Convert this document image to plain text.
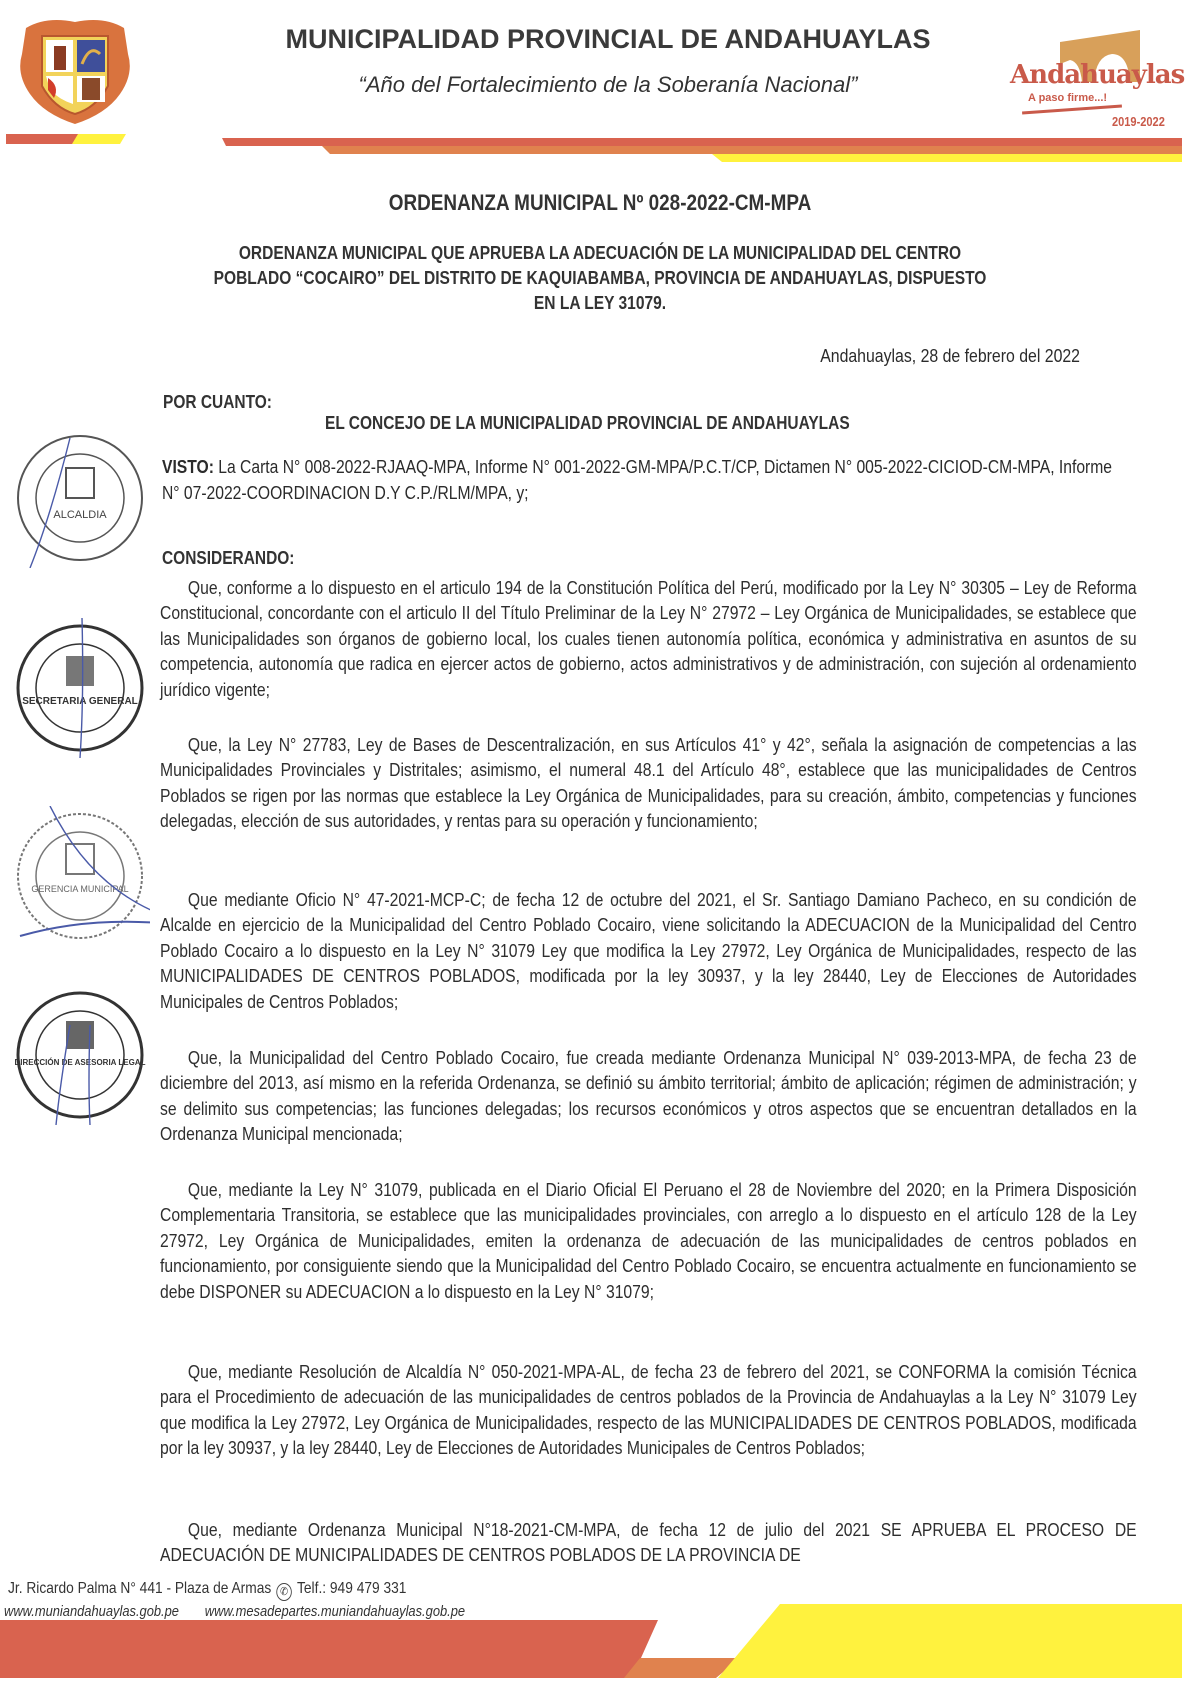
MUNICIPALIDAD PROVINCIAL DE ANDAHUAYLAS
“Año del Fortalecimiento de la Soberanía Nacional”	Andahuaylas
A paso firme...!
2019-2022
ORDENANZA MUNICIPAL Nº 028-2022-CM-MPA
ORDENANZA MUNICIPAL QUE APRUEBA LA ADECUACIÓN DE LA MUNICIPALIDAD DEL CENTRO
POBLADO “COCAIRO” DEL DISTRITO DE KAQUIABAMBA, PROVINCIA DE ANDAHUAYLAS, DISPUESTO
EN LA LEY 31079.
Andahuaylas, 28 de febrero del 2022
POR CUANTO:
EL CONCEJO DE LA MUNICIPALIDAD PROVINCIAL DE ANDAHUAYLAS
VISTO: La Carta N° 008-2022-RJAAQ-MPA, Informe N° 001-2022-GM-MPA/P.C.T/CP, Dictamen N° 005-2022-CICIOD-CM-MPA, Informe N° 07-2022-COORDINACION D.Y C.P./RLM/MPA, y;
CONSIDERANDO:
Que, conforme a lo dispuesto en el articulo 194 de la Constitución Política del Perú, modificado por la Ley N° 30305 – Ley de Reforma Constitucional, concordante con el articulo II del Título Preliminar de la Ley N° 27972 – Ley Orgánica de Municipalidades, se establece que las Municipalidades son órganos de gobierno local, los cuales tienen autonomía política, económica y administrativa en asuntos de su competencia, autonomía que radica en ejercer actos de gobierno, actos administrativos y de administración, con sujeción al ordenamiento jurídico vigente;
Que, la Ley N° 27783, Ley de Bases de Descentralización, en sus Artículos 41° y 42°, señala la asignación de competencias a las Municipalidades Provinciales y Distritales; asimismo, el numeral 48.1 del Artículo 48°, establece que las municipalidades de Centros Poblados se rigen por las normas que establece la Ley Orgánica de Municipalidades, para su creación, ámbito, competencias y funciones delegadas, elección de sus autoridades, y rentas para su operación y funcionamiento;
Que mediante Oficio N° 47-2021-MCP-C; de fecha 12 de octubre del 2021, el Sr. Santiago Damiano Pacheco, en su condición de Alcalde en ejercicio de la Municipalidad del Centro Poblado Cocairo, viene solicitando la ADECUACION de la Municipalidad del Centro Poblado Cocairo a lo dispuesto en la Ley N° 31079 Ley que modifica la Ley 27972, Ley Orgánica de Municipalidades, respecto de las MUNICIPALIDADES DE CENTROS POBLADOS, modificada por la ley 30937, y la ley 28440, Ley de Elecciones de Autoridades Municipales de Centros Poblados;
Que, la Municipalidad del Centro Poblado Cocairo, fue creada mediante Ordenanza Municipal N° 039-2013-MPA, de fecha 23 de diciembre del 2013, así mismo en la referida Ordenanza, se definió su ámbito territorial; ámbito de aplicación; régimen de administración; y se delimito sus competencias; las funciones delegadas; los recursos económicos y otros aspectos que se encuentran detallados en la Ordenanza Municipal mencionada;
Que, mediante la Ley N° 31079, publicada en el Diario Oficial El Peruano el 28 de Noviembre del 2020; en la Primera Disposición Complementaria Transitoria, se establece que las municipalidades provinciales, con arreglo a lo dispuesto en el artículo 128 de la Ley 27972, Ley Orgánica de Municipalidades, emiten la ordenanza de adecuación de las municipalidades de centros poblados en funcionamiento, por consiguiente siendo que la Municipalidad del Centro Poblado Cocairo, se encuentra actualmente en funcionamiento se debe DISPONER su ADECUACION a lo dispuesto en la Ley N° 31079;
Que, mediante Resolución de Alcaldía N° 050-2021-MPA-AL, de fecha 23 de febrero del 2021, se CONFORMA la comisión Técnica para el Procedimiento de adecuación de las municipalidades de centros poblados de la Provincia de Andahuaylas a la Ley N° 31079 Ley que modifica la Ley 27972, Ley Orgánica de Municipalidades, respecto de las MUNICIPALIDADES DE CENTROS POBLADOS, modificada por la ley 30937, y la ley 28440, Ley de Elecciones de Autoridades Municipales de Centros Poblados;
Que, mediante Ordenanza Municipal N°18-2021-CM-MPA, de fecha 12 de julio del 2021 SE APRUEBA EL PROCESO DE ADECUACIÓN DE MUNICIPALIDADES DE CENTROS POBLADOS DE LA PROVINCIA DE
ALCALDIA
SECRETARIA GENERAL
GERENCIA MUNICIPAL
DIRECCIÓN DE ASESORIA LEGAL
Jr. Ricardo Palma N° 441 - Plaza de Armas ✆ Telf.: 949 479 331
www.muniandahuaylas.gob.pe www.mesadepartes.muniandahuaylas.gob.pe
